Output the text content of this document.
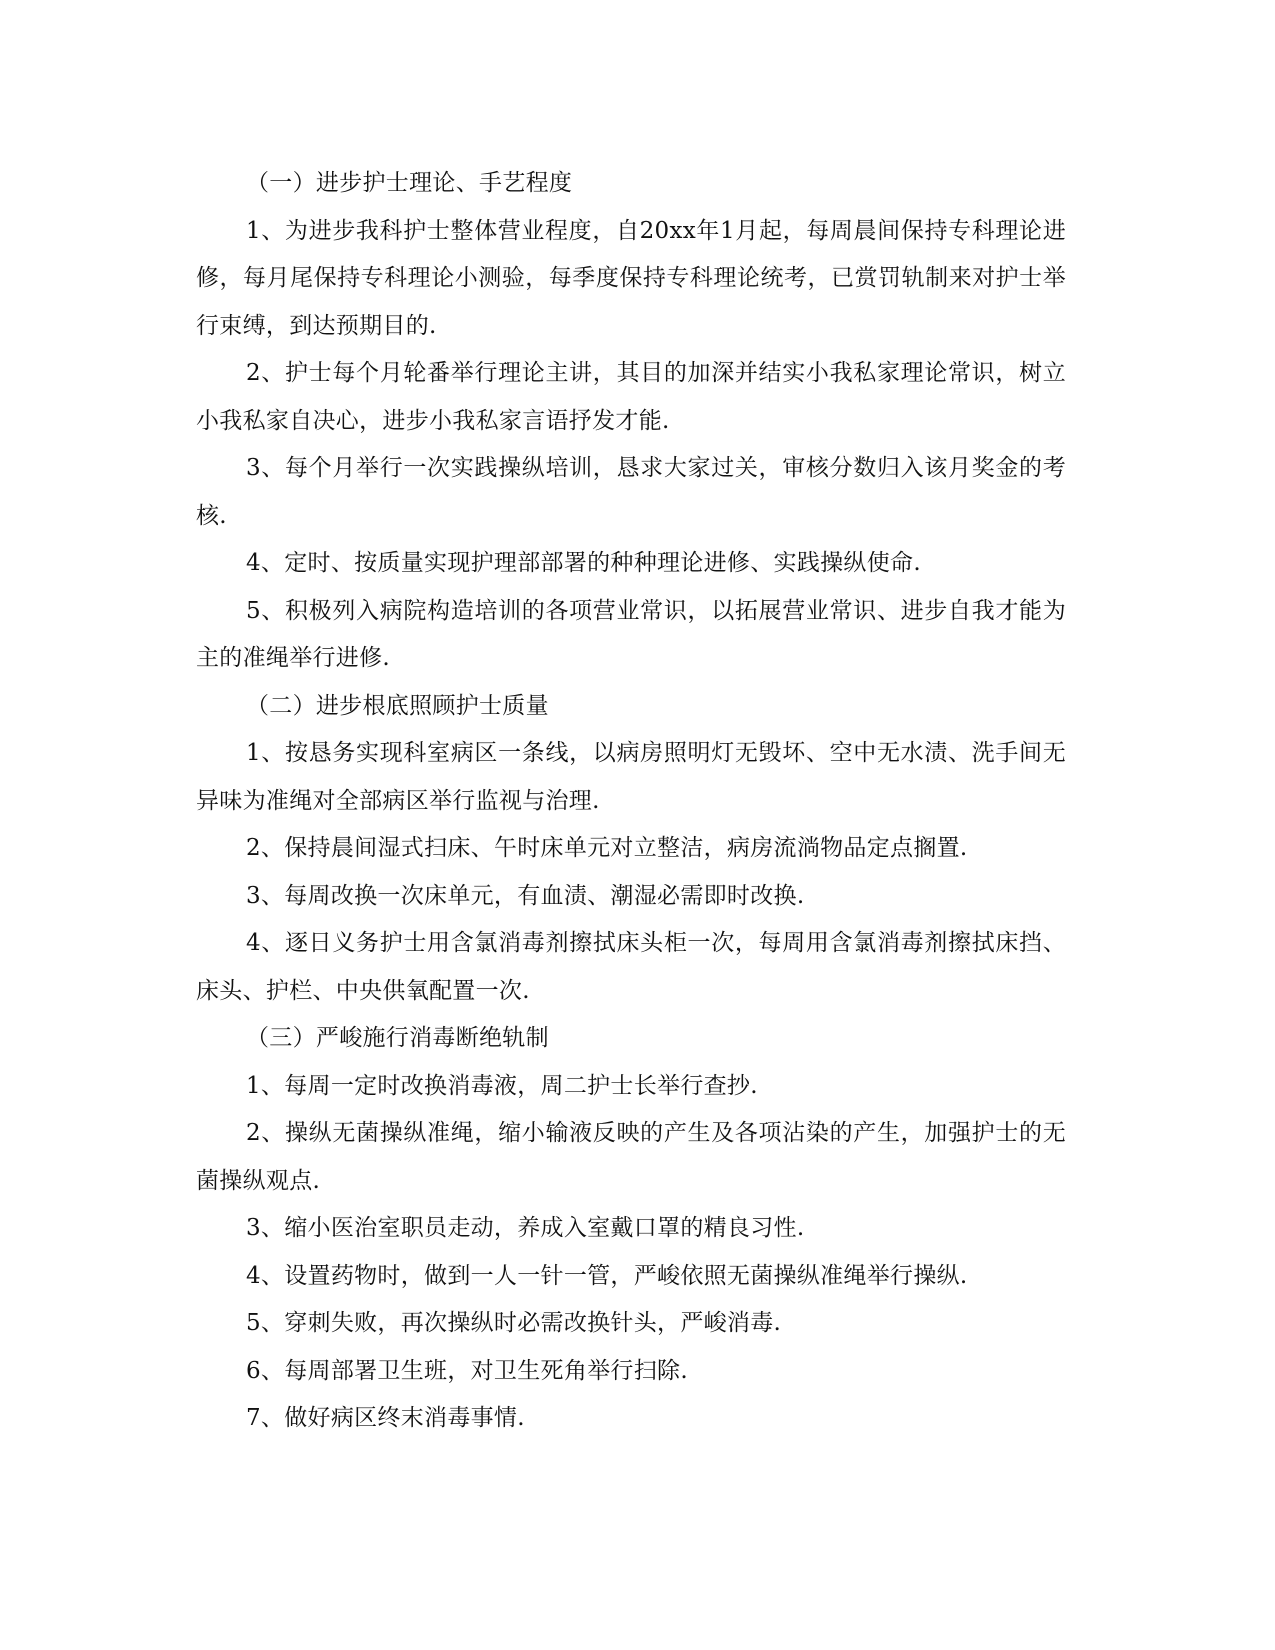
（一）进步护士理论、手艺程度

1、为进步我科护士整体营业程度，自20xx年1月起，每周晨间保持专科理论进修，每月尾保持专科理论小测验，每季度保持专科理论统考，已赏罚轨制来对护士举行束缚，到达预期目的.

2、护士每个月轮番举行理论主讲，其目的加深并结实小我私家理论常识，树立小我私家自决心，进步小我私家言语抒发才能.

3、每个月举行一次实践操纵培训，恳求大家过关，审核分数归入该月奖金的考核.

4、定时、按质量实现护理部部署的种种理论进修、实践操纵使命.

5、积极列入病院构造培训的各项营业常识，以拓展营业常识、进步自我才能为主的准绳举行进修.

（二）进步根底照顾护士质量

1、按恳务实现科室病区一条线，以病房照明灯无毁坏、空中无水渍、洗手间无异味为准绳对全部病区举行监视与治理.

2、保持晨间湿式扫床、午时床单元对立整洁，病房流淌物品定点搁置.

3、每周改换一次床单元，有血渍、潮湿必需即时改换.

4、逐日义务护士用含氯消毒剂擦拭床头柜一次，每周用含氯消毒剂擦拭床挡、床头、护栏、中央供氧配置一次.

（三）严峻施行消毒断绝轨制

1、每周一定时改换消毒液，周二护士长举行查抄.

2、操纵无菌操纵准绳，缩小输液反映的产生及各项沾染的产生，加强护士的无菌操纵观点.

3、缩小医治室职员走动，养成入室戴口罩的精良习性.

4、设置药物时，做到一人一针一管，严峻依照无菌操纵准绳举行操纵.

5、穿刺失败，再次操纵时必需改换针头，严峻消毒.

6、每周部署卫生班，对卫生死角举行扫除.

7、做好病区终末消毒事情.
